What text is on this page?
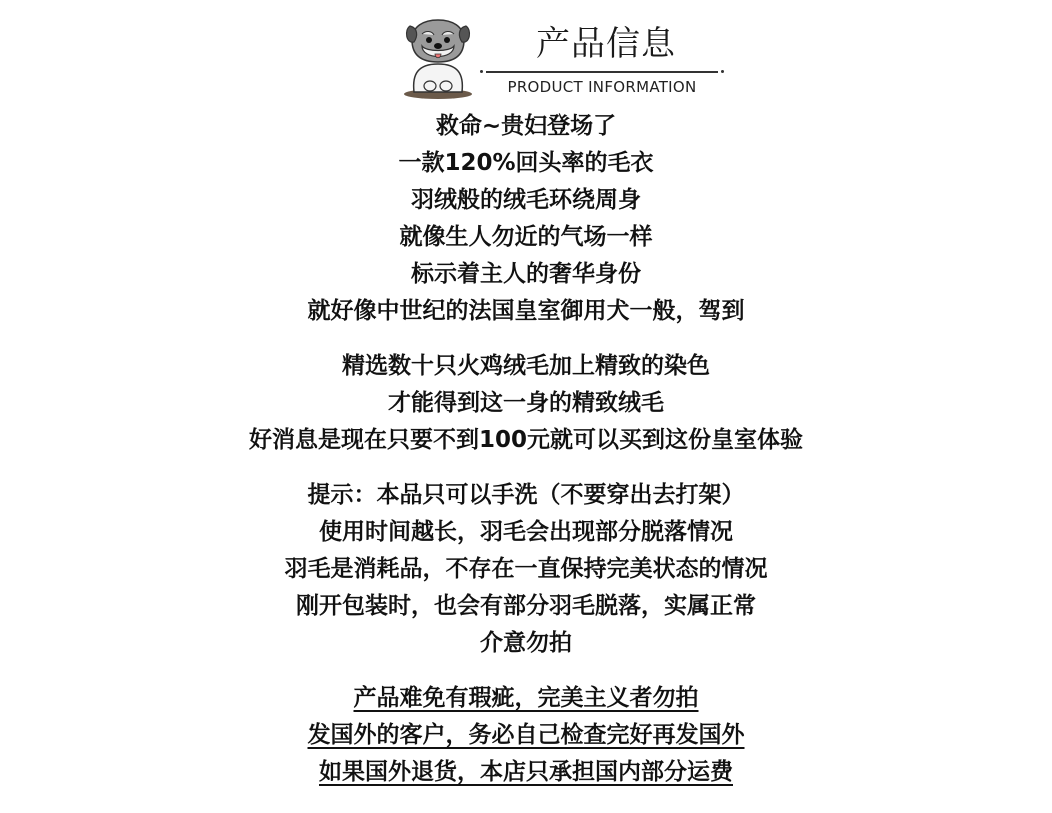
产品信息
PRODUCT INFORMATION
救命~贵妇登场了
一款120%回头率的毛衣
羽绒般的绒毛环绕周身
就像生人勿近的气场一样
标示着主人的奢华身份
就好像中世纪的法国皇室御用犬一般，驾到
精选数十只火鸡绒毛加上精致的染色
才能得到这一身的精致绒毛
好消息是现在只要不到100元就可以买到这份皇室体验
提示：本品只可以手洗（不要穿出去打架）
使用时间越长，羽毛会出现部分脱落情况
羽毛是消耗品，不存在一直保持完美状态的情况
刚开包装时，也会有部分羽毛脱落，实属正常
介意勿拍
产品难免有瑕疵，完美主义者勿拍
发国外的客户，务必自己检查完好再发国外
如果国外退货，本店只承担国内部分运费
